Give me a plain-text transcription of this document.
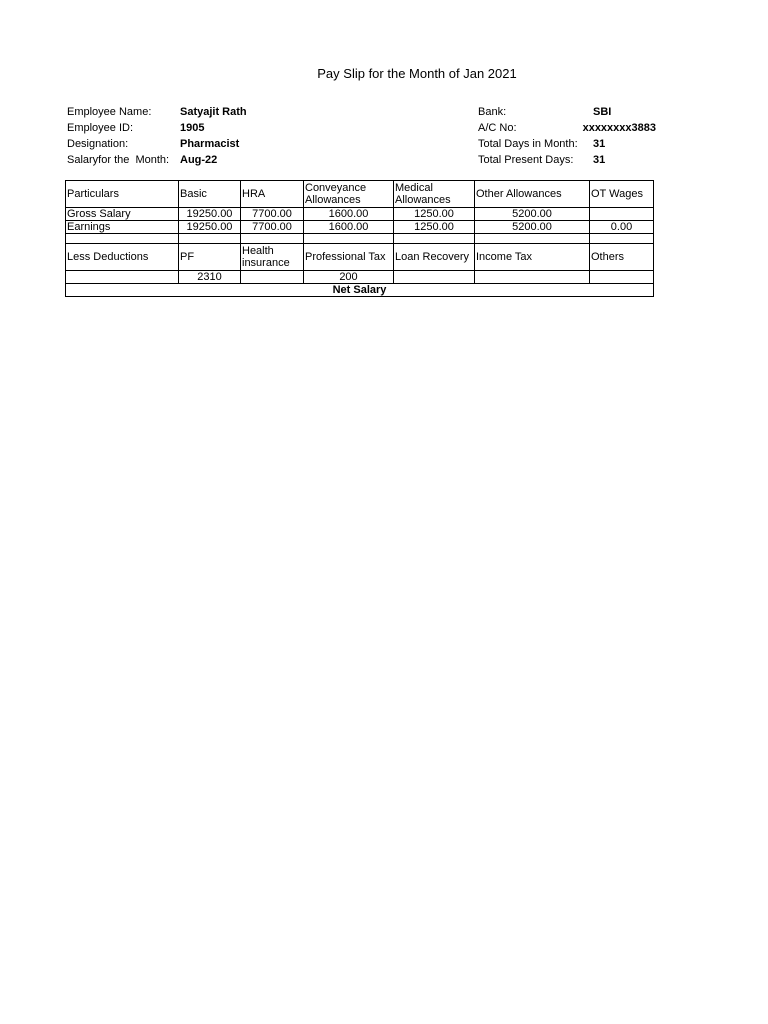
Pay Slip for the Month of Jan 2021
Employee Name:	Satyajit Rath
Employee ID:	1905
Designation:	Pharmacist
Salaryfor the  Month: Aug-22
Bank:	SBI
A/C No:	xxxxxxxx3883
Total Days in Month:	31
Total Present Days:	31
Particulars	Basic	HRA	Conveyance Allowances	Medical Allowances	Other Allowances	OT Wages
Gross Salary	19250.00	7700.00	1600.00	1250.00	5200.00	
Earnings	19250.00	7700.00	1600.00	1250.00	5200.00	0.00

Less Deductions	PF	Health insurance	Professional Tax	Loan Recovery	Income Tax	Others
	2310		200			
Net Salary						
